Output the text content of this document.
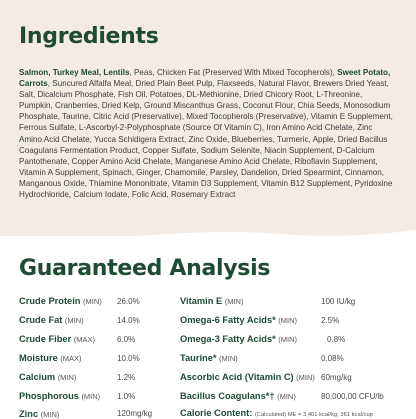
Ingredients

Salmon, Turkey Meal, Lentils, Peas, Chicken Fat (Preserved With Mixed Tocopherols), Sweet Potato, Carrots, Suncured Alfalfa Meal, Dried Plain Beet Pulp, Flaxseeds, Natural Flavor, Brewers Dried Yeast, Salt, Dicalcium Phosphate, Fish Oil, Potatoes, DL-Methionine, Dried Chicory Root, L-Threonine, Pumpkin, Cranberries, Dried Kelp, Ground Miscanthus Grass, Coconut Flour, Chia Seeds, Monosodium Phosphate, Taurine, Citric Acid (Preservative), Mixed Tocopherols (Preservative), Vitamin E Supplement, Ferrous Sulfate, L-Ascorbyl-2-Polyphosphate (Source Of Vitamin C), Iron Amino Acid Chelate, Zinc Amino Acid Chelate, Yucca Schidigera Extract, Zinc Oxide, Blueberries, Turmeric, Apple, Dried Bacillus Coagulans Fermentation Product, Copper Sulfate, Sodium Selenite, Niacin Supplement, D-Calcium Pantothenate, Copper Amino Acid Chelate, Manganese Amino Acid Chelate, Riboflavin Supplement, Vitamin A Supplement, Spinach, Ginger, Chamomile, Parsley, Dandelion, Dried Spearmint, Cinnamon, Manganous Oxide, Thiamine Mononitrate, Vitamin D3 Supplement, Vitamin B12 Supplement, Pyridoxine Hydrochloride, Calcium Iodate, Folic Acid, Rosemary Extract

Guaranteed Analysis
Crude Protein (MIN) 26.0%
Crude Fat (MIN)	14.0%
Crude Fiber (MAX)	6.0%
Moisture (MAX)	10.0%
Calcium (MIN)	1.2%
Phosphorous (MIN) 1.0%
Zinc (MIN)	120mg/kg
Vitamin E (MIN)	100 IU/kg
Omega-6 Fatty Acids* (MIN)	2.5%
Omega-3 Fatty Acids* (MIN)	0.8%
Taurine* (MIN)	0.08%
Ascorbic Acid (Vitamin C) (MIN) 60mg/kg
Bacillus Coagulans*† (MIN)	80,000,00 CFU/lb
Calorie Content: (Calculated) ME = 3,401 kcal/kg; 361 kcal/cup
